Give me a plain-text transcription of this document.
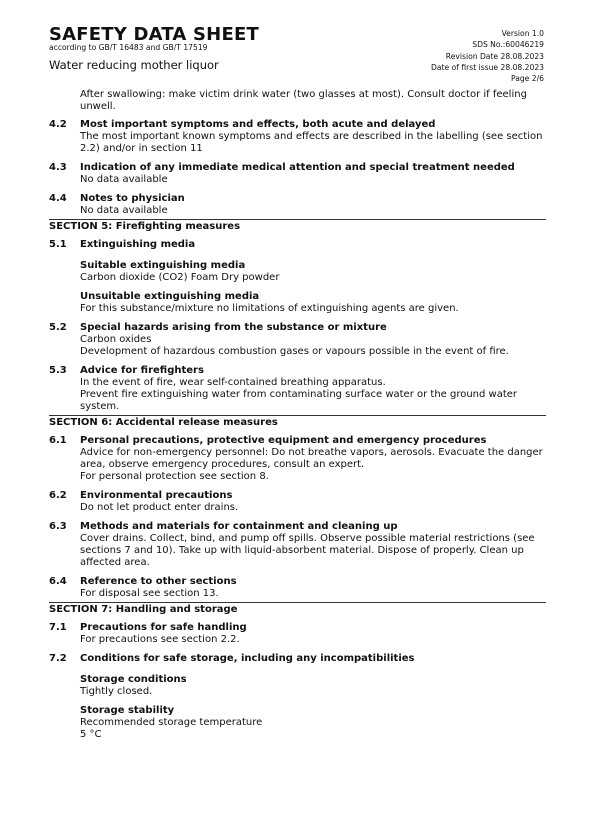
SAFETY DATA SHEET
according to GB/T 16483 and GB/T 17519
Water reducing mother liquor
Version 1.0
SDS No.:60046219
Revision Date 28.08.2023
Date of first issue 28.08.2023
Page 2/6
After swallowing: make victim drink water (two glasses at most). Consult doctor if feeling unwell.
4.2	Most important symptoms and effects, both acute and delayed
The most important known symptoms and effects are described in the labelling (see section 2.2) and/or in section 11
4.3	Indication of any immediate medical attention and special treatment needed
No data available
4.4	Notes to physician
No data available
SECTION 5: Firefighting measures
5.1	Extinguishing media
Suitable extinguishing media
Carbon dioxide (CO2) Foam Dry powder
Unsuitable extinguishing media
For this substance/mixture no limitations of extinguishing agents are given.
5.2	Special hazards arising from the substance or mixture
Carbon oxides
Development of hazardous combustion gases or vapours possible in the event of fire.
5.3	Advice for firefighters
In the event of fire, wear self-contained breathing apparatus.
Prevent fire extinguishing water from contaminating surface water or the ground water system.
SECTION 6: Accidental release measures
6.1	Personal precautions, protective equipment and emergency procedures
Advice for non-emergency personnel: Do not breathe vapors, aerosols. Evacuate the danger area, observe emergency procedures, consult an expert.
For personal protection see section 8.
6.2	Environmental precautions
Do not let product enter drains.
6.3	Methods and materials for containment and cleaning up
Cover drains. Collect, bind, and pump off spills. Observe possible material restrictions (see sections 7 and 10). Take up with liquid-absorbent material. Dispose of properly. Clean up affected area.
6.4	Reference to other sections
For disposal see section 13.
SECTION 7: Handling and storage
7.1	Precautions for safe handling
For precautions see section 2.2.
7.2	Conditions for safe storage, including any incompatibilities
Storage conditions
Tightly closed.
Storage stability
Recommended storage temperature
5 °C
